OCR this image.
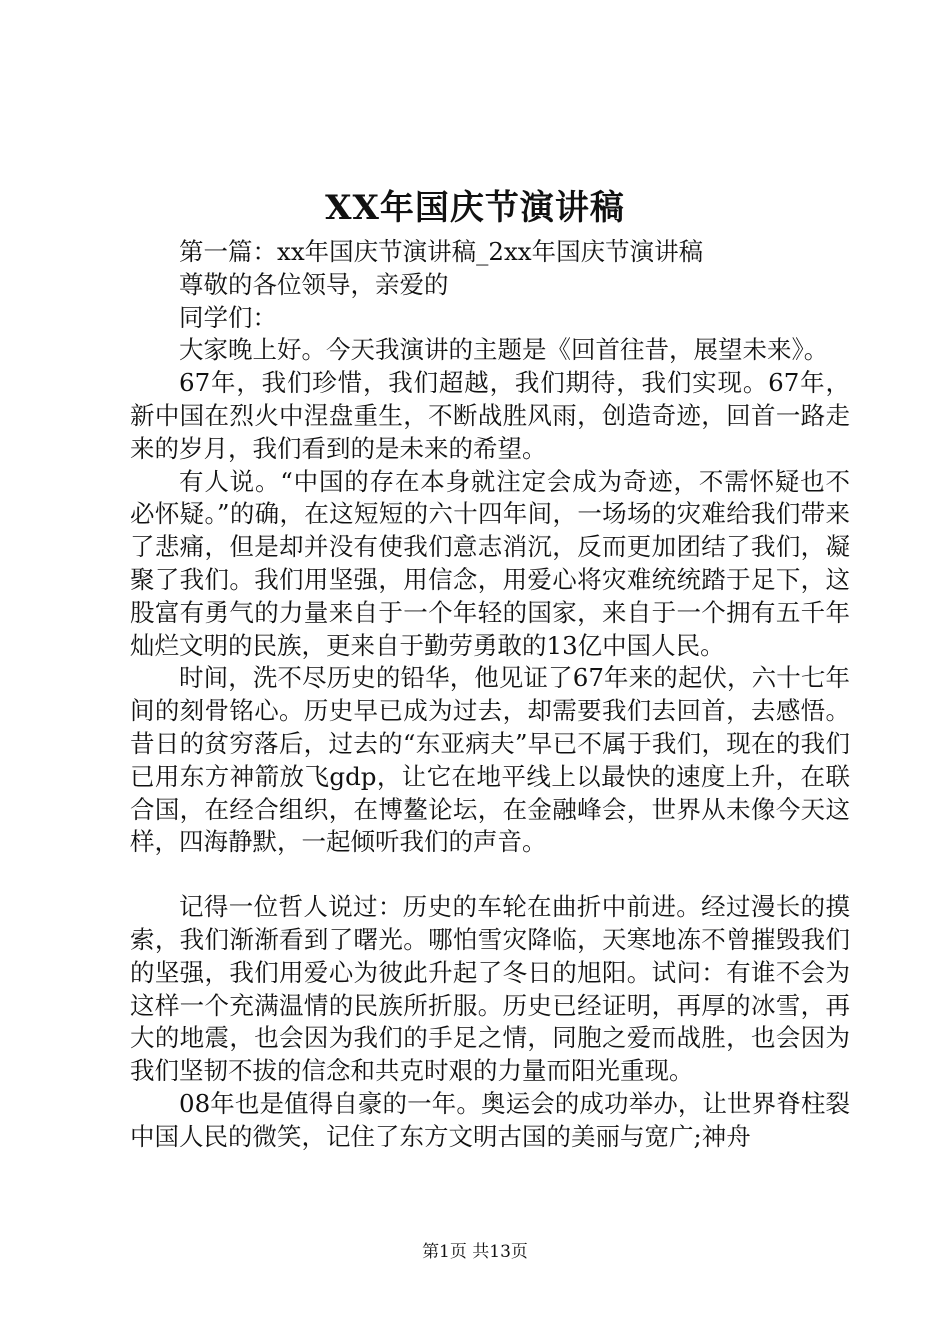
XX年国庆节演讲稿

第一篇：xx年国庆节演讲稿_2xx年国庆节演讲稿

尊敬的各位领导，亲爱的

同学们：

大家晚上好。今天我演讲的主题是《回首往昔，展望未来》。

67年，我们珍惜，我们超越，我们期待，我们实现。67年，新中国在烈火中涅盘重生，不断战胜风雨，创造奇迹，回首一路走来的岁月，我们看到的是未来的希望。

有人说。“中国的存在本身就注定会成为奇迹，不需怀疑也不必怀疑。”的确，在这短短的六十四年间，一场场的灾难给我们带来了悲痛，但是却并没有使我们意志消沉，反而更加团结了我们，凝聚了我们。我们用坚强，用信念，用爱心将灾难统统踏于足下，这股富有勇气的力量来自于一个年轻的国家，来自于一个拥有五千年灿烂文明的民族，更来自于勤劳勇敢的13亿中国人民。

时间，洗不尽历史的铅华，他见证了67年来的起伏，六十七年间的刻骨铭心。历史早已成为过去，却需要我们去回首，去感悟。昔日的贫穷落后，过去的“东亚病夫”早已不属于我们，现在的我们已用东方神箭放飞gdp，让它在地平线上以最快的速度上升，在联合国，在经合组织，在博鳌论坛，在金融峰会，世界从未像今天这样，四海静默，一起倾听我们的声音。

记得一位哲人说过：历史的车轮在曲折中前进。经过漫长的摸索，我们渐渐看到了曙光。哪怕雪灾降临，天寒地冻不曾摧毁我们的坚强，我们用爱心为彼此升起了冬日的旭阳。试问：有谁不会为这样一个充满温情的民族所折服。历史已经证明，再厚的冰雪，再大的地震，也会因为我们的手足之情，同胞之爱而战胜，也会因为我们坚韧不拔的信念和共克时艰的力量而阳光重现。

08年也是值得自豪的一年。奥运会的成功举办，让世界脊柱裂中国人民的微笑，记住了东方文明古国的美丽与宽广;神舟

第1页 共13页
